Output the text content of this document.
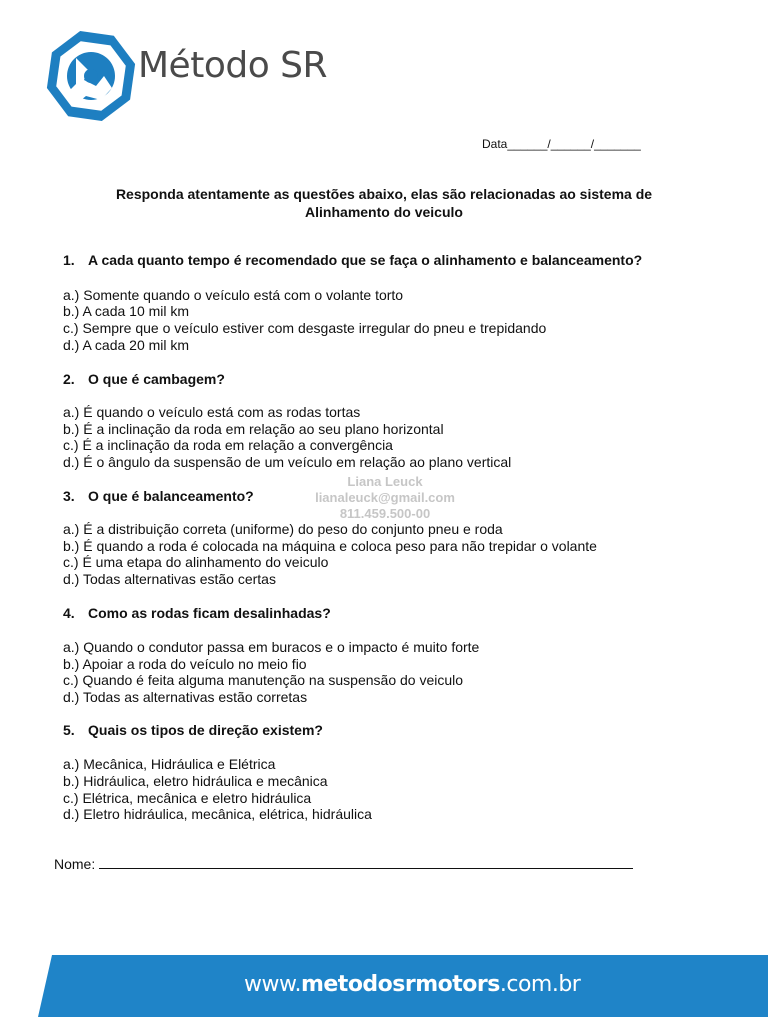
Método SR
Data______/______/_______
Responda atentamente as questões abaixo, elas são relacionadas ao sistema de
Alinhamento do veiculo
1. A cada quanto tempo é recomendado que se faça o alinhamento e balanceamento?
a.) Somente quando o veículo está com o volante torto
b.) A cada 10 mil km
c.) Sempre que o veículo estiver com desgaste irregular do pneu e trepidando
d.) A cada 20 mil km
2. O que é cambagem?
a.) É quando o veículo está com as rodas tortas
b.) É a inclinação da roda em relação ao seu plano horizontal
c.) É a inclinação da roda em relação a convergência
d.) É o ângulo da suspensão de um veículo em relação ao plano vertical
Liana Leuck
lianaleuck@gmail.com
811.459.500-00
3. O que é balanceamento?
a.) É a distribuição correta (uniforme) do peso do conjunto pneu e roda
b.) É quando a roda é colocada na máquina e coloca peso para não trepidar o volante
c.) É uma etapa do alinhamento do veiculo
d.) Todas alternativas estão certas
4. Como as rodas ficam desalinhadas?
a.) Quando o condutor passa em buracos e o impacto é muito forte
b.) Apoiar a roda do veículo no meio fio
c.) Quando é feita alguma manutenção na suspensão do veiculo
d.) Todas as alternativas estão corretas
5. Quais os tipos de direção existem?
a.) Mecânica, Hidráulica e Elétrica
b.) Hidráulica, eletro hidráulica e mecânica
c.) Elétrica, mecânica e eletro hidráulica
d.) Eletro hidráulica, mecânica, elétrica, hidráulica
Nome:
www.metodosrmotors.com.br
